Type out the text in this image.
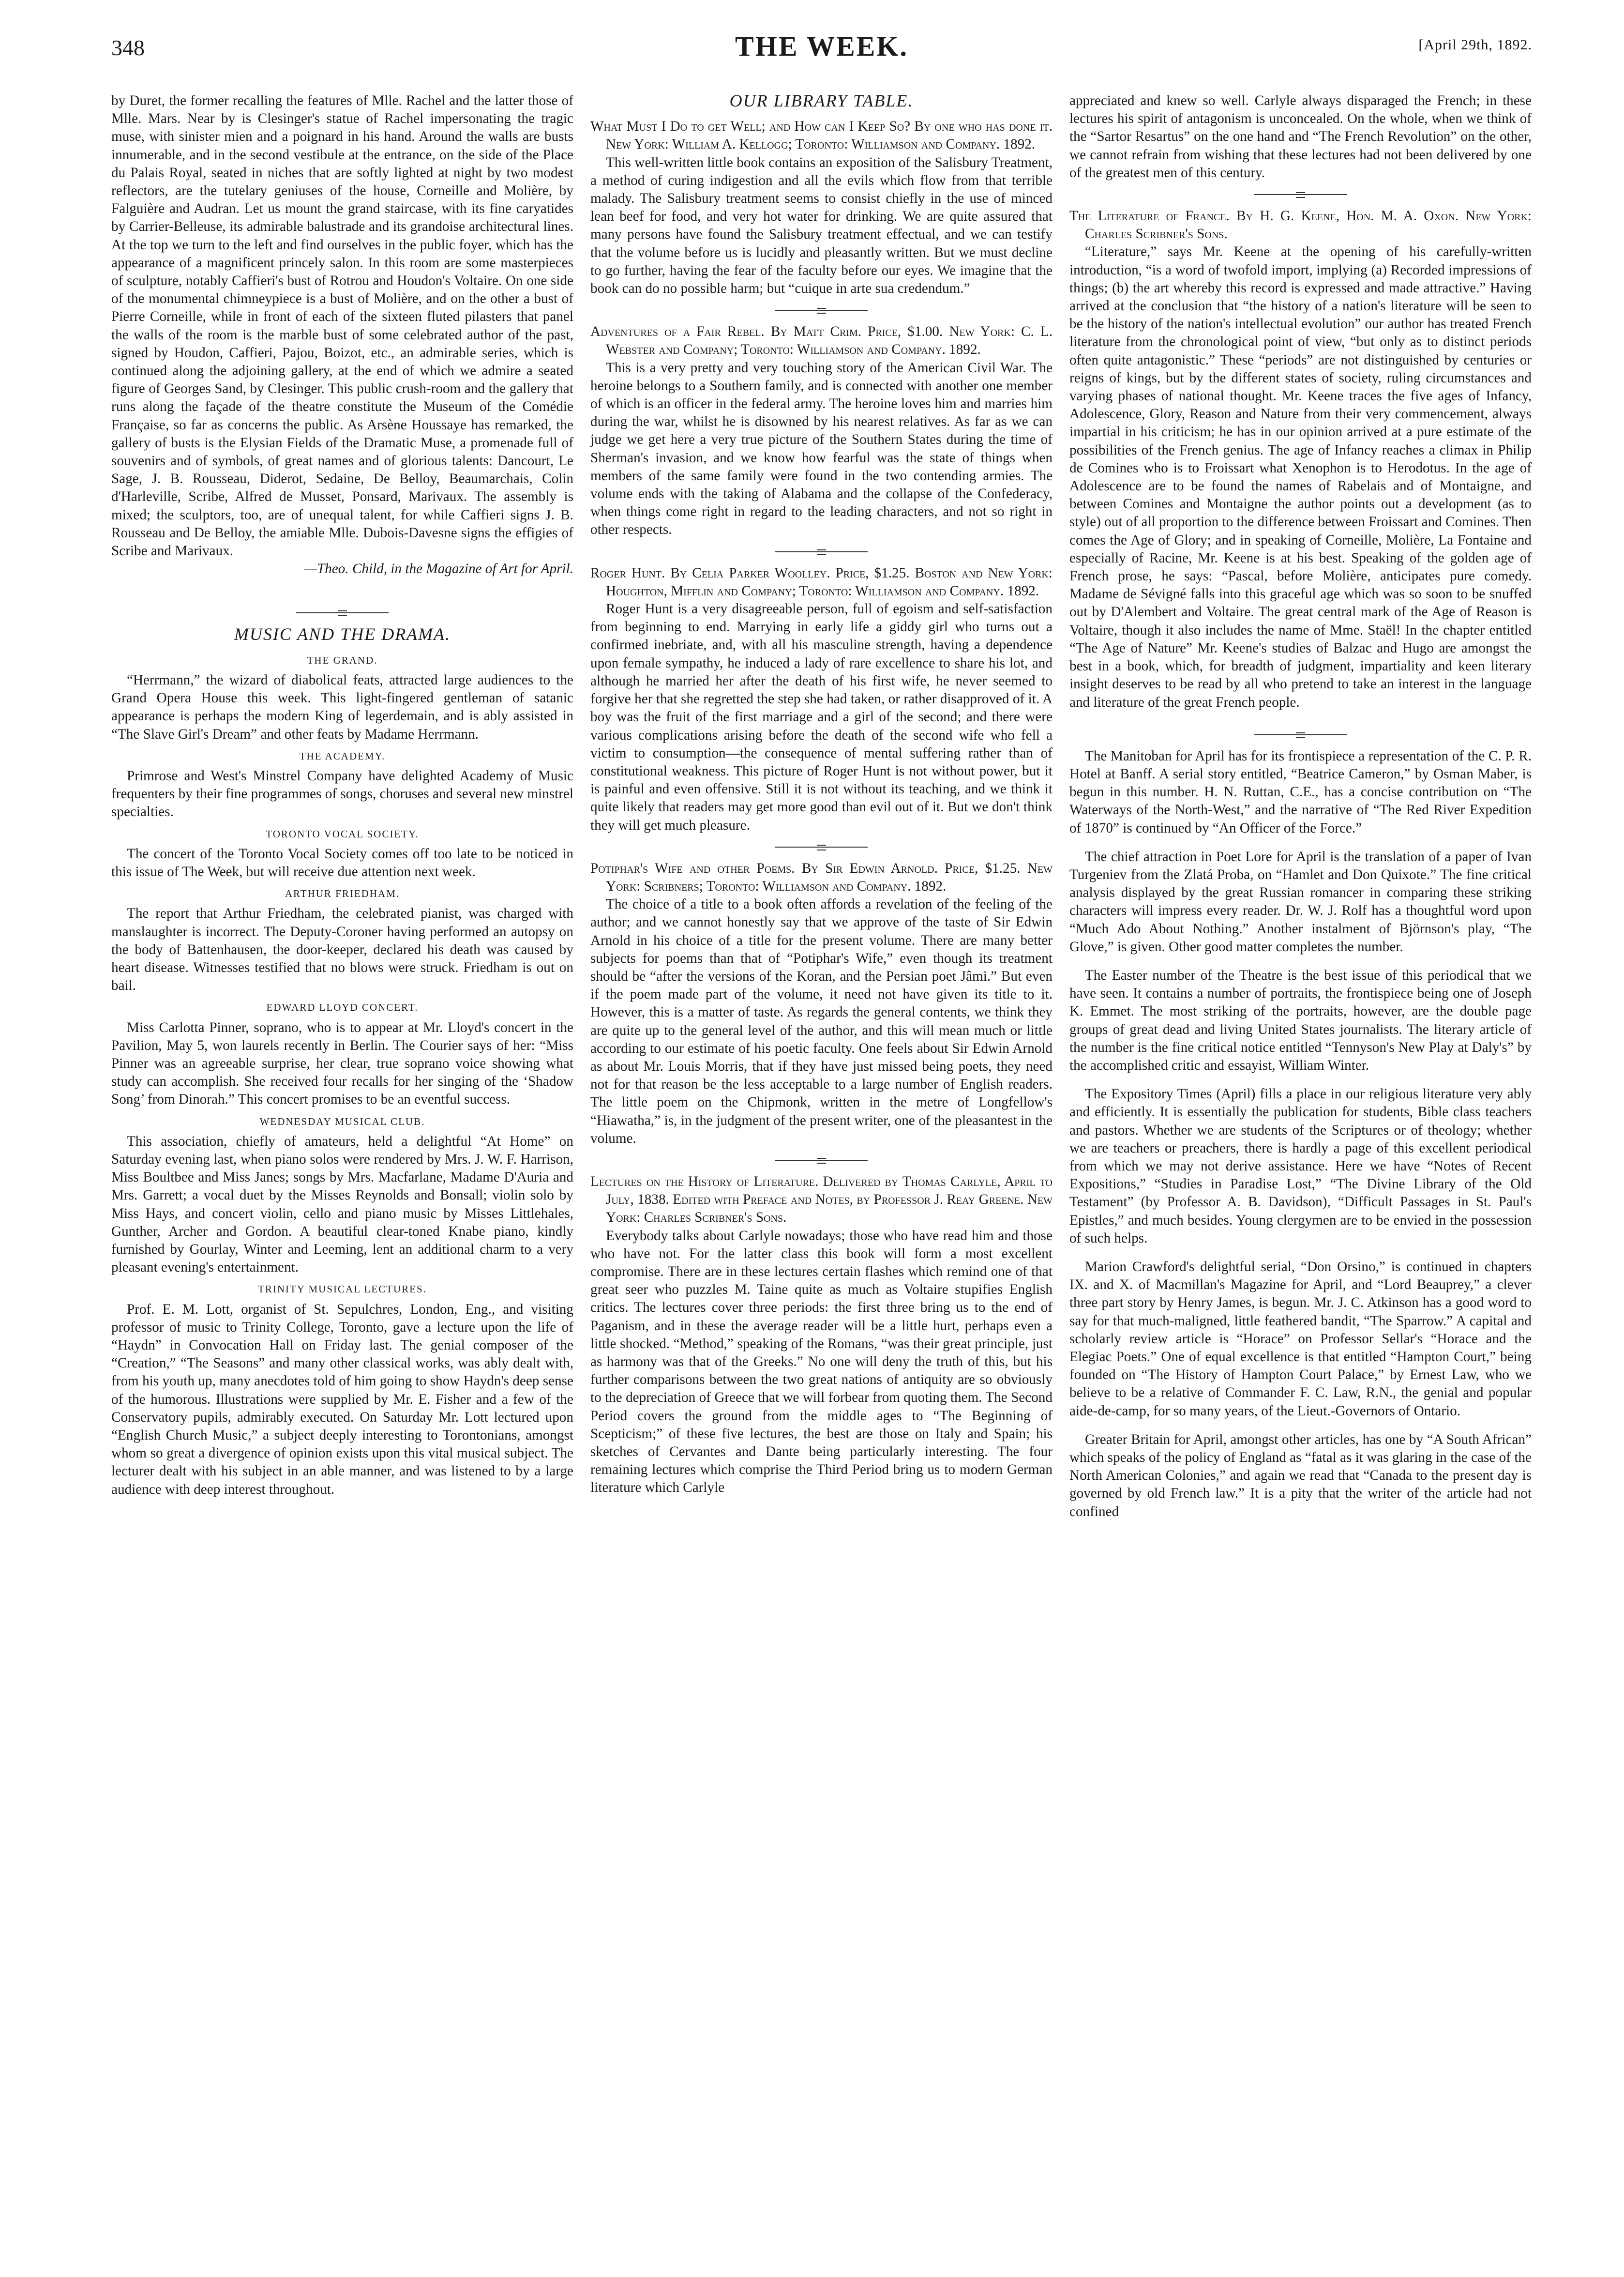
348	THE WEEK.	[April 29th, 1892.

by Duret, the former recalling the features of Mlle. Rachel and the latter those of Mlle. Mars. Near by is Clesinger's statue of Rachel impersonating the tragic muse, with sinister mien and a poignard in his hand. Around the walls are busts innumerable, and in the second vestibule at the entrance, on the side of the Place du Palais Royal, seated in niches that are softly lighted at night by two modest reflectors, are the tutelary geniuses of the house, Corneille and Molière, by Falguière and Audran. Let us mount the grand staircase, with its fine caryatides by Carrier-Belleuse, its admirable balustrade and its grandoise architectural lines. At the top we turn to the left and find ourselves in the public foyer, which has the appearance of a magnificent princely salon. In this room are some masterpieces of sculpture, notably Caffieri's bust of Rotrou and Houdon's Voltaire. On one side of the monumental chimneypiece is a bust of Molière, and on the other a bust of Pierre Corneille, while in front of each of the sixteen fluted pilasters that panel the walls of the room is the marble bust of some celebrated author of the past, signed by Houdon, Caffieri, Pajou, Boizot, etc., an admirable series, which is continued along the adjoining gallery, at the end of which we admire a seated figure of Georges Sand, by Clesinger. This public crush-room and the gallery that runs along the façade of the theatre constitute the Museum of the Comédie Française, so far as concerns the public. As Arsène Houssaye has remarked, the gallery of busts is the Elysian Fields of the Dramatic Muse, a promenade full of souvenirs and of symbols, of great names and of glorious talents: Dancourt, Le Sage, J. B. Rousseau, Diderot, Sedaine, De Belloy, Beaumarchais, Colin d'Harleville, Scribe, Alfred de Musset, Ponsard, Marivaux. The assembly is mixed; the sculptors, too, are of unequal talent, for while Caffieri signs J. B. Rousseau and De Belloy, the amiable Mlle. Dubois-Davesne signs the effigies of Scribe and Marivaux.

—Theo. Child, in the Magazine of Art for April.

MUSIC AND THE DRAMA.
THE GRAND.

“Herrmann,” the wizard of diabolical feats, attracted large audiences to the Grand Opera House this week. This light-fingered gentleman of satanic appearance is perhaps the modern King of legerdemain, and is ably assisted in “The Slave Girl's Dream” and other feats by Madame Herrmann.

THE ACADEMY.

Primrose and West's Minstrel Company have delighted Academy of Music frequenters by their fine programmes of songs, choruses and several new minstrel specialties.

TORONTO VOCAL SOCIETY.

The concert of the Toronto Vocal Society comes off too late to be noticed in this issue of The Week, but will receive due attention next week.

ARTHUR FRIEDHAM.

The report that Arthur Friedham, the celebrated pianist, was charged with manslaughter is incorrect. The Deputy-Coroner having performed an autopsy on the body of Battenhausen, the door-keeper, declared his death was caused by heart disease. Witnesses testified that no blows were struck. Friedham is out on bail.

EDWARD LLOYD CONCERT.

Miss Carlotta Pinner, soprano, who is to appear at Mr. Lloyd's concert in the Pavilion, May 5, won laurels recently in Berlin. The Courier says of her: “Miss Pinner was an agreeable surprise, her clear, true soprano voice showing what study can accomplish. She received four recalls for her singing of the ‘Shadow Song’ from Dinorah.” This concert promises to be an eventful success.

WEDNESDAY MUSICAL CLUB.

This association, chiefly of amateurs, held a delightful “At Home” on Saturday evening last, when piano solos were rendered by Mrs. J. W. F. Harrison, Miss Boultbee and Miss Janes; songs by Mrs. Macfarlane, Madame D'Auria and Mrs. Garrett; a vocal duet by the Misses Reynolds and Bonsall; violin solo by Miss Hays, and concert violin, cello and piano music by Misses Littlehales, Gunther, Archer and Gordon. A beautiful clear-toned Knabe piano, kindly furnished by Gourlay, Winter and Leeming, lent an additional charm to a very pleasant evening's entertainment.

TRINITY MUSICAL LECTURES.

Prof. E. M. Lott, organist of St. Sepulchres, London, Eng., and visiting professor of music to Trinity College, Toronto, gave a lecture upon the life of “Haydn” in Convocation Hall on Friday last. The genial composer of the “Creation,” “The Seasons” and many other classical works, was ably dealt with, from his youth up, many anecdotes told of him going to show Haydn's deep sense of the humorous. Illustrations were supplied by Mr. E. Fisher and a few of the Conservatory pupils, admirably executed. On Saturday Mr. Lott lectured upon “English Church Music,” a subject deeply interesting to Torontonians, amongst whom so great a divergence of opinion exists upon this vital musical subject. The lecturer dealt with his subject in an able manner, and was listened to by a large audience with deep interest throughout.

OUR LIBRARY TABLE.

What Must I Do to get Well; and How can I Keep So? By one who has done it. New York: William A. Kellogg; Toronto: Williamson and Company. 1892.

This well-written little book contains an exposition of the Salisbury Treatment, a method of curing indigestion and all the evils which flow from that terrible malady. The Salisbury treatment seems to consist chiefly in the use of minced lean beef for food, and very hot water for drinking. We are quite assured that many persons have found the Salisbury treatment effectual, and we can testify that the volume before us is lucidly and pleasantly written. But we must decline to go further, having the fear of the faculty before our eyes. We imagine that the book can do no possible harm; but “cuique in arte sua credendum.”

Adventures of a Fair Rebel. By Matt Crim. Price, $1.00. New York: C. L. Webster and Company; Toronto: Williamson and Company. 1892.

This is a very pretty and very touching story of the American Civil War. The heroine belongs to a Southern family, and is connected with another one member of which is an officer in the federal army. The heroine loves him and marries him during the war, whilst he is disowned by his nearest relatives. As far as we can judge we get here a very true picture of the Southern States during the time of Sherman's invasion, and we know how fearful was the state of things when members of the same family were found in the two contending armies. The volume ends with the taking of Alabama and the collapse of the Confederacy, when things come right in regard to the leading characters, and not so right in other respects.

Roger Hunt. By Celia Parker Woolley. Price, $1.25. Boston and New York: Houghton, Mifflin and Company; Toronto: Williamson and Company. 1892.

Roger Hunt is a very disagreeable person, full of egoism and self-satisfaction from beginning to end. Marrying in early life a giddy girl who turns out a confirmed inebriate, and, with all his masculine strength, having a dependence upon female sympathy, he induced a lady of rare excellence to share his lot, and although he married her after the death of his first wife, he never seemed to forgive her that she regretted the step she had taken, or rather disapproved of it. A boy was the fruit of the first marriage and a girl of the second; and there were various complications arising before the death of the second wife who fell a victim to consumption—the consequence of mental suffering rather than of constitutional weakness. This picture of Roger Hunt is not without power, but it is painful and even offensive. Still it is not without its teaching, and we think it quite likely that readers may get more good than evil out of it. But we don't think they will get much pleasure.

Potiphar's Wife and other Poems. By Sir Edwin Arnold. Price, $1.25. New York: Scribners; Toronto: Williamson and Company. 1892.

The choice of a title to a book often affords a revelation of the feeling of the author; and we cannot honestly say that we approve of the taste of Sir Edwin Arnold in his choice of a title for the present volume. There are many better subjects for poems than that of “Potiphar's Wife,” even though its treatment should be “after the versions of the Koran, and the Persian poet Jâmi.” But even if the poem made part of the volume, it need not have given its title to it. However, this is a matter of taste. As regards the general contents, we think they are quite up to the general level of the author, and this will mean much or little according to our estimate of his poetic faculty. One feels about Sir Edwin Arnold as about Mr. Louis Morris, that if they have just missed being poets, they need not for that reason be the less acceptable to a large number of English readers. The little poem on the Chipmonk, written in the metre of Longfellow's “Hiawatha,” is, in the judgment of the present writer, one of the pleasantest in the volume.

Lectures on the History of Literature. Delivered by Thomas Carlyle, April to July, 1838. Edited with Preface and Notes, by Professor J. Reay Greene. New York: Charles Scribner's Sons.

Everybody talks about Carlyle nowadays; those who have read him and those who have not. For the latter class this book will form a most excellent compromise. There are in these lectures certain flashes which remind one of that great seer who puzzles M. Taine quite as much as Voltaire stupifies English critics. The lectures cover three periods: the first three bring us to the end of Paganism, and in these the average reader will be a little hurt, perhaps even a little shocked. “Method,” speaking of the Romans, “was their great principle, just as harmony was that of the Greeks.” No one will deny the truth of this, but his further comparisons between the two great nations of antiquity are so obviously to the depreciation of Greece that we will forbear from quoting them. The Second Period covers the ground from the middle ages to “The Beginning of Scepticism;” of these five lectures, the best are those on Italy and Spain; his sketches of Cervantes and Dante being particularly interesting. The four remaining lectures which comprise the Third Period bring us to modern German literature which Carlyle

appreciated and knew so well. Carlyle always disparaged the French; in these lectures his spirit of antagonism is unconcealed. On the whole, when we think of the “Sartor Resartus” on the one hand and “The French Revolution” on the other, we cannot refrain from wishing that these lectures had not been delivered by one of the greatest men of this century.

The Literature of France. By H. G. Keene, Hon. M. A. Oxon. New York: Charles Scribner's Sons.

“Literature,” says Mr. Keene at the opening of his carefully-written introduction, “is a word of twofold import, implying (a) Recorded impressions of things; (b) the art whereby this record is expressed and made attractive.” Having arrived at the conclusion that “the history of a nation's literature will be seen to be the history of the nation's intellectual evolution” our author has treated French literature from the chronological point of view, “but only as to distinct periods often quite antagonistic.” These “periods” are not distinguished by centuries or reigns of kings, but by the different states of society, ruling circumstances and varying phases of national thought. Mr. Keene traces the five ages of Infancy, Adolescence, Glory, Reason and Nature from their very commencement, always impartial in his criticism; he has in our opinion arrived at a pure estimate of the possibilities of the French genius. The age of Infancy reaches a climax in Philip de Comines who is to Froissart what Xenophon is to Herodotus. In the age of Adolescence are to be found the names of Rabelais and of Montaigne, and between Comines and Montaigne the author points out a development (as to style) out of all proportion to the difference between Froissart and Comines. Then comes the Age of Glory; and in speaking of Corneille, Molière, La Fontaine and especially of Racine, Mr. Keene is at his best. Speaking of the golden age of French prose, he says: “Pascal, before Molière, anticipates pure comedy. Madame de Sévigné falls into this graceful age which was so soon to be snuffed out by D'Alembert and Voltaire. The great central mark of the Age of Reason is Voltaire, though it also includes the name of Mme. Staël! In the chapter entitled “The Age of Nature” Mr. Keene's studies of Balzac and Hugo are amongst the best in a book, which, for breadth of judgment, impartiality and keen literary insight deserves to be read by all who pretend to take an interest in the language and literature of the great French people.

The Manitoban for April has for its frontispiece a representation of the C. P. R. Hotel at Banff. A serial story entitled, “Beatrice Cameron,” by Osman Maber, is begun in this number. H. N. Ruttan, C.E., has a concise contribution on “The Waterways of the North-West,” and the narrative of “The Red River Expedition of 1870” is continued by “An Officer of the Force.”

The chief attraction in Poet Lore for April is the translation of a paper of Ivan Turgeniev from the Zlatá Proba, on “Hamlet and Don Quixote.” The fine critical analysis displayed by the great Russian romancer in comparing these striking characters will impress every reader. Dr. W. J. Rolf has a thoughtful word upon “Much Ado About Nothing.” Another instalment of Björnson's play, “The Glove,” is given. Other good matter completes the number.

The Easter number of the Theatre is the best issue of this periodical that we have seen. It contains a number of portraits, the frontispiece being one of Joseph K. Emmet. The most striking of the portraits, however, are the double page groups of great dead and living United States journalists. The literary article of the number is the fine critical notice entitled “Tennyson's New Play at Daly's” by the accomplished critic and essayist, William Winter.

The Expository Times (April) fills a place in our religious literature very ably and efficiently. It is essentially the publication for students, Bible class teachers and pastors. Whether we are students of the Scriptures or of theology; whether we are teachers or preachers, there is hardly a page of this excellent periodical from which we may not derive assistance. Here we have “Notes of Recent Expositions,” “Studies in Paradise Lost,” “The Divine Library of the Old Testament” (by Professor A. B. Davidson), “Difficult Passages in St. Paul's Epistles,” and much besides. Young clergymen are to be envied in the possession of such helps.

Marion Crawford's delightful serial, “Don Orsino,” is continued in chapters IX. and X. of Macmillan's Magazine for April, and “Lord Beauprey,” a clever three part story by Henry James, is begun. Mr. J. C. Atkinson has a good word to say for that much-maligned, little feathered bandit, “The Sparrow.” A capital and scholarly review article is “Horace” on Professor Sellar's “Horace and the Elegiac Poets.” One of equal excellence is that entitled “Hampton Court,” being founded on “The History of Hampton Court Palace,” by Ernest Law, who we believe to be a relative of Commander F. C. Law, R.N., the genial and popular aide-de-camp, for so many years, of the Lieut.-Governors of Ontario.

Greater Britain for April, amongst other articles, has one by “A South African” which speaks of the policy of England as “fatal as it was glaring in the case of the North American Colonies,” and again we read that “Canada to the present day is governed by old French law.” It is a pity that the writer of the article had not confined
